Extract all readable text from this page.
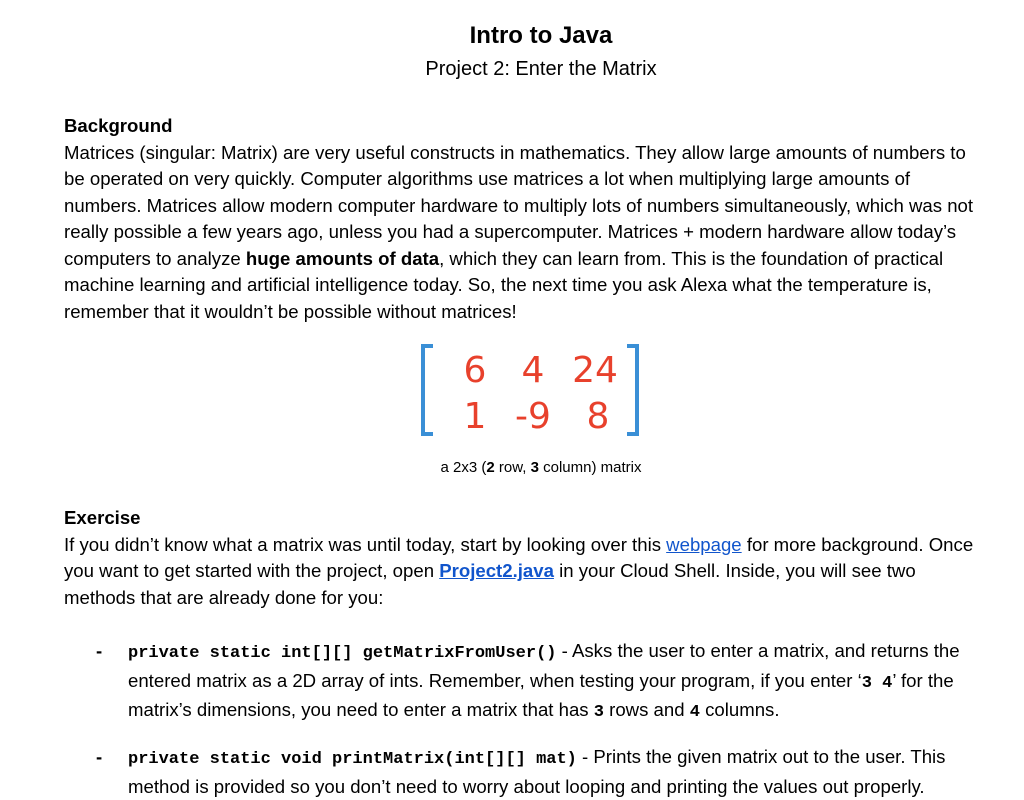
Intro to Java
Project 2: Enter the Matrix
Background
Matrices (singular: Matrix) are very useful constructs in mathematics. They allow large amounts of numbers to
be operated on very quickly. Computer algorithms use matrices a lot when multiplying large amounts of
numbers. Matrices allow modern computer hardware to multiply lots of numbers simultaneously, which was not
really possible a few years ago, unless you had a supercomputer. Matrices + modern hardware allow today’s
computers to analyze huge amounts of data, which they can learn from. This is the foundation of practical
machine learning and artificial intelligence today. So, the next time you ask Alexa what the temperature is,
remember that it wouldn’t be possible without matrices!
6 4 24
1 -9 8
a 2x3 (2 row, 3 column) matrix
Exercise
If you didn’t know what a matrix was until today, start by looking over this webpage for more background. Once
you want to get started with the project, open Project2.java in your Cloud Shell. Inside, you will see two
methods that are already done for you:
- private static int[][] getMatrixFromUser() - Asks the user to enter a matrix, and returns the
entered matrix as a 2D array of ints. Remember, when testing your program, if you enter ‘3 4’ for the
matrix’s dimensions, you need to enter a matrix that has 3 rows and 4 columns.
- private static void printMatrix(int[][] mat) - Prints the given matrix out to the user. This
method is provided so you don’t need to worry about looping and printing the values out properly.
